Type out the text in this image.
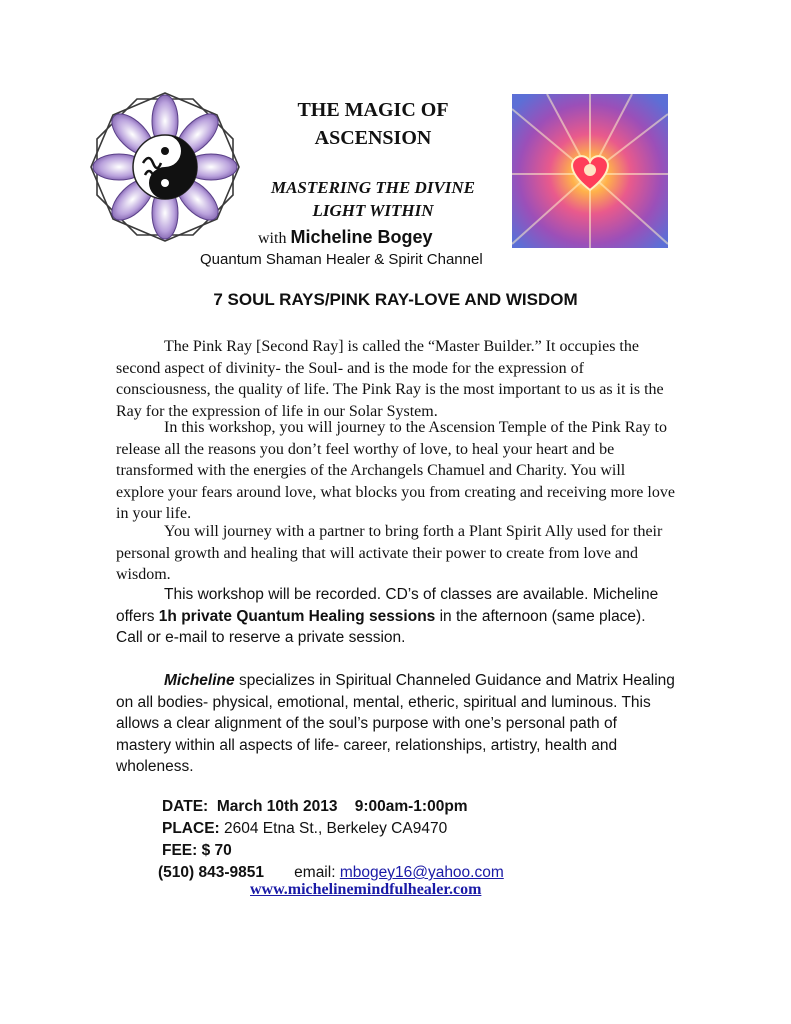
THE MAGIC OF
ASCENSION
MASTERING THE DIVINE
LIGHT WITHIN
with Micheline Bogey
Quantum Shaman Healer & Spirit Channel
7 SOUL RAYS/PINK RAY-LOVE AND WISDOM

The Pink Ray [Second Ray] is called the “Master Builder.” It occupies the second aspect of divinity- the Soul- and is the mode for the expression of consciousness, the quality of life. The Pink Ray is the most important to us as it is the Ray for the expression of life in our Solar System.

In this workshop, you will journey to the Ascension Temple of the Pink Ray to release all the reasons you don’t feel worthy of love, to heal your heart and be transformed with the energies of the Archangels Chamuel and Charity. You will explore your fears around love, what blocks you from creating and receiving more love in your life.

You will journey with a partner to bring forth a Plant Spirit Ally used for their personal growth and healing that will activate their power to create from love and wisdom.

This workshop will be recorded. CD’s of classes are available. Micheline offers 1h private Quantum Healing sessions in the afternoon (same place). Call or e-mail to reserve a private session.

Micheline specializes in Spiritual Channeled Guidance and Matrix Healing on all bodies- physical, emotional, mental, etheric, spiritual and luminous. This allows a clear alignment of the soul’s purpose with one’s personal path of mastery within all aspects of life- career, relationships, artistry, health and wholeness.

DATE: March 10th 2013 9:00am-1:00pm
PLACE: 2604 Etna St., Berkeley CA9470
FEE: $ 70
(510) 843-9851 email: mbogey16@yahoo.com
www.michelinemindfulhealer.com
